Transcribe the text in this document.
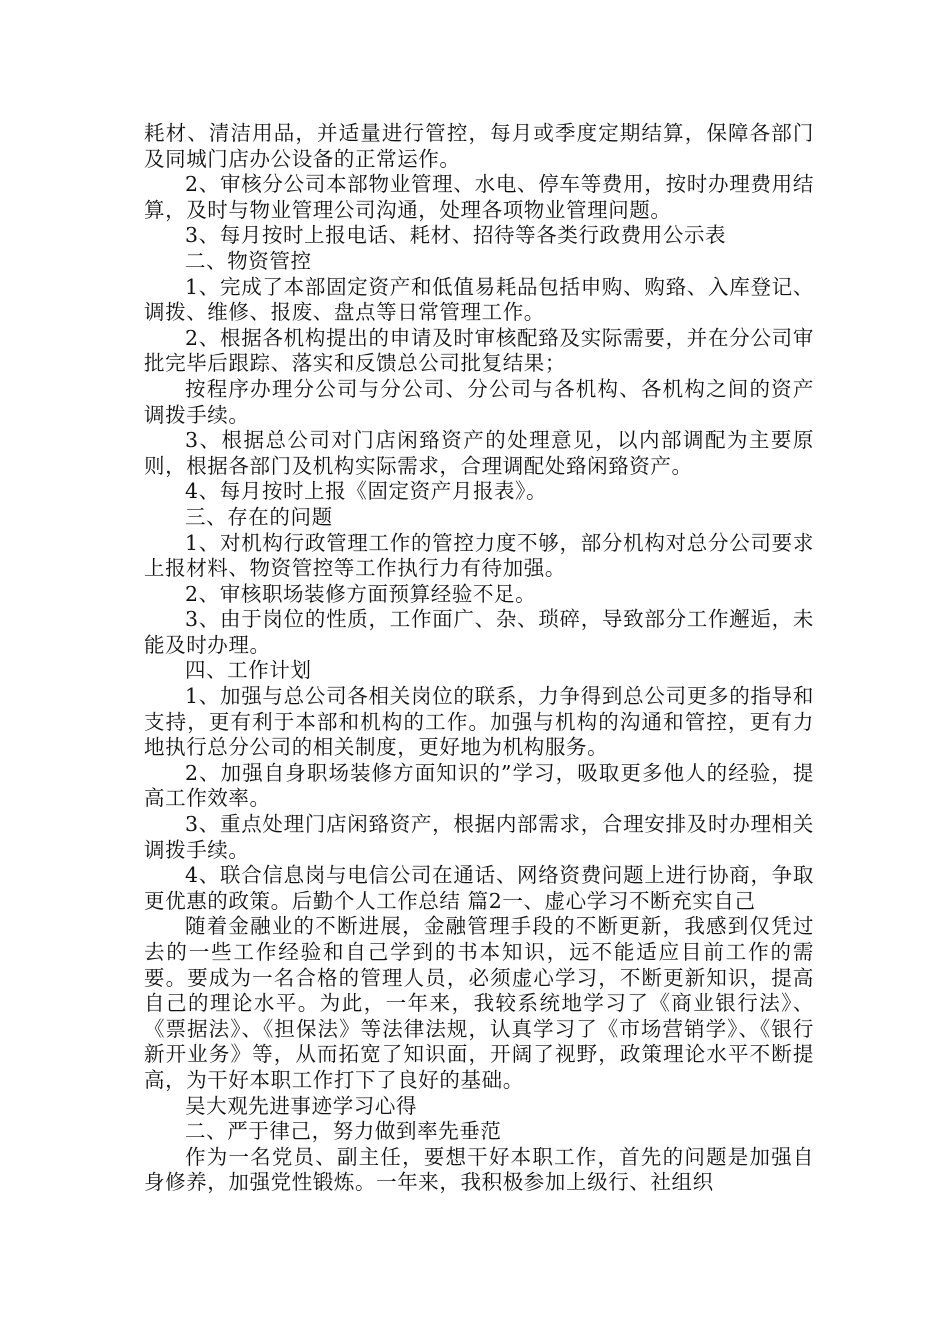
耗材、清洁用品，并适量进行管控，每月或季度定期结算，保障各部门及同城门店办公设备的正常运作。

2、审核分公司本部物业管理、水电、停车等费用，按时办理费用结算，及时与物业管理公司沟通，处理各项物业管理问题。

3、每月按时上报电话、耗材、招待等各类行政费用公示表

二、物资管控

1、完成了本部固定资产和低值易耗品包括申购、购臵、入库登记、调拨、维修、报废、盘点等日常管理工作。

2、根据各机构提出的申请及时审核配臵及实际需要，并在分公司审批完毕后跟踪、落实和反馈总公司批复结果；

按程序办理分公司与分公司、分公司与各机构、各机构之间的资产调拨手续。

3、根据总公司对门店闲臵资产的处理意见，以内部调配为主要原则，根据各部门及机构实际需求，合理调配处臵闲臵资产。

4、每月按时上报《固定资产月报表》。

三、存在的问题

1、对机构行政管理工作的管控力度不够，部分机构对总分公司要求上报材料、物资管控等工作执行力有待加强。

2、审核职场装修方面预算经验不足。

3、由于岗位的性质，工作面广、杂、琐碎，导致部分工作邂逅，未能及时办理。

四、工作计划

1、加强与总公司各相关岗位的联系，力争得到总公司更多的指导和支持，更有利于本部和机构的工作。加强与机构的沟通和管控，更有力地执行总分公司的相关制度，更好地为机构服务。

2、加强自身职场装修方面知识的”学习，吸取更多他人的经验，提高工作效率。

3、重点处理门店闲臵资产，根据内部需求，合理安排及时办理相关调拨手续。

4、联合信息岗与电信公司在通话、网络资费问题上进行协商，争取更优惠的政策。后勤个人工作总结 篇2一、虚心学习不断充实自己

随着金融业的不断进展，金融管理手段的不断更新，我感到仅凭过去的一些工作经验和自己学到的书本知识，远不能适应目前工作的需要。要成为一名合格的管理人员，必须虚心学习，不断更新知识，提高自己的理论水平。为此，一年来，我较系统地学习了《商业银行法》、《票据法》、《担保法》等法律法规，认真学习了《市场营销学》、《银行新开业务》等，从而拓宽了知识面，开阔了视野，政策理论水平不断提高，为干好本职工作打下了良好的基础。

吴大观先进事迹学习心得

二、严于律己，努力做到率先垂范

作为一名党员、副主任，要想干好本职工作，首先的问题是加强自身修养，加强党性锻炼。一年来，我积极参加上级行、社组织
